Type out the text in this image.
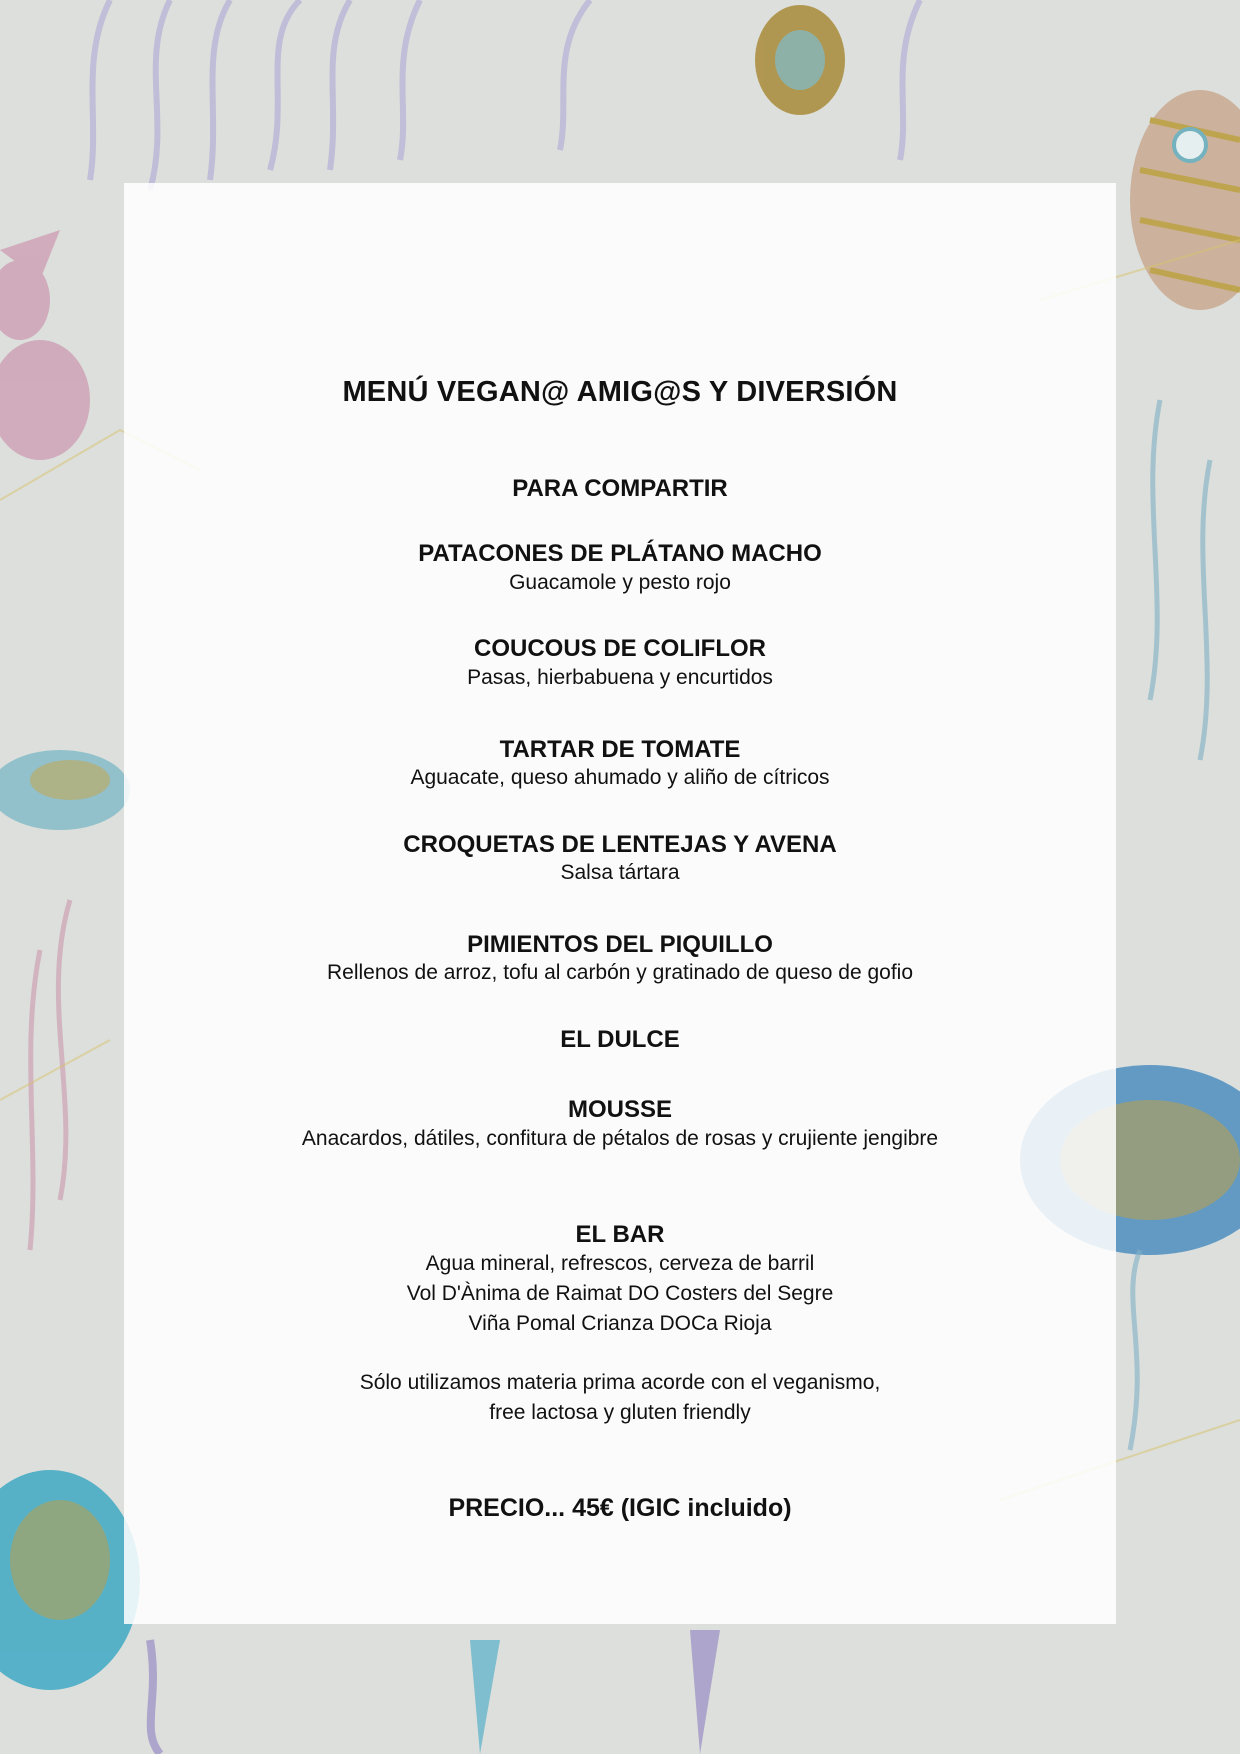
MENÚ VEGAN@ AMIG@S Y DIVERSIÓN
PARA COMPARTIR
PATACONES DE PLÁTANO MACHO
Guacamole y pesto rojo
COUCOUS DE COLIFLOR
Pasas, hierbabuena y encurtidos
TARTAR DE TOMATE
Aguacate, queso ahumado y aliño de cítricos
CROQUETAS DE LENTEJAS Y AVENA
Salsa tártara
PIMIENTOS DEL PIQUILLO
Rellenos de arroz, tofu al carbón y gratinado de queso de gofio
EL DULCE
MOUSSE
Anacardos, dátiles, confitura de pétalos de rosas y crujiente jengibre
EL BAR
Agua mineral, refrescos, cerveza de barril
Vol D'Ànima de Raimat DO Costers del Segre
Viña Pomal Crianza DOCa Rioja
Sólo utilizamos materia prima acorde con el veganismo,
free lactosa y gluten friendly
PRECIO... 45€ (IGIC incluido)
